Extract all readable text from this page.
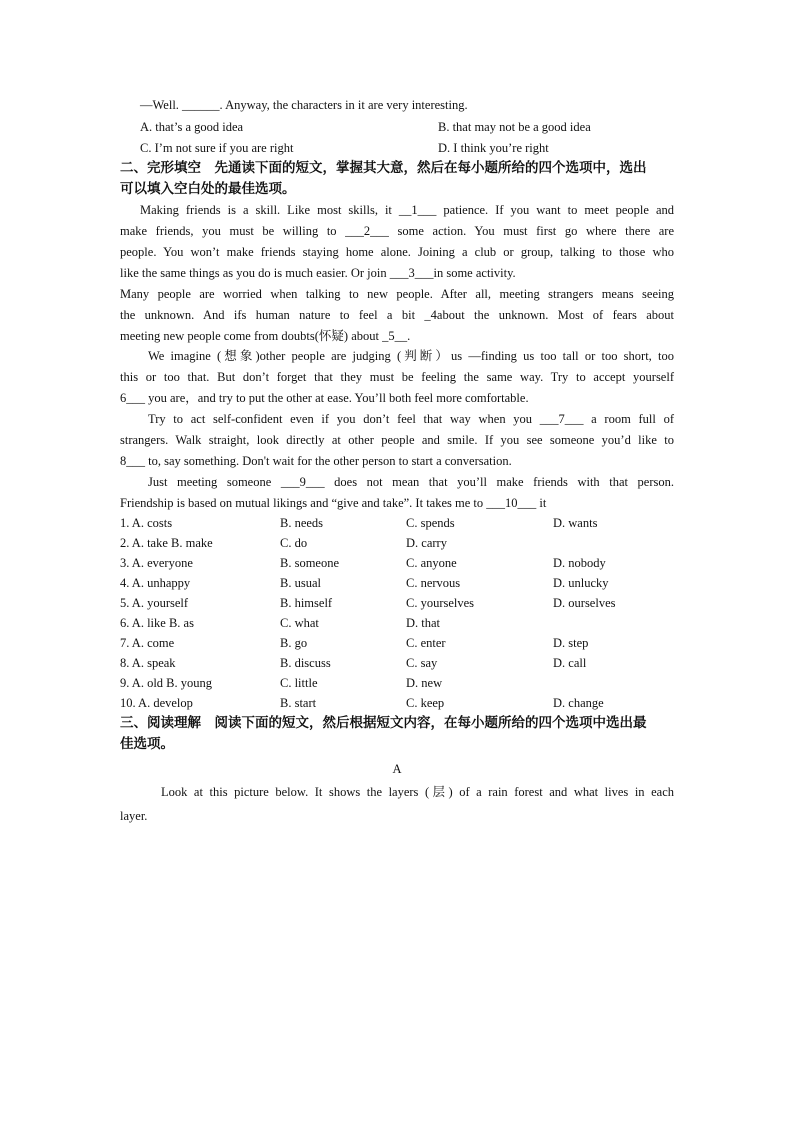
—Well. ______. Anyway, the characters in it are very interesting.
A. that’s a good idea	B. that may not be a good idea
C. I’m not sure if you are right	D. I think you’re right
二、完形填空　先通读下面的短文，掌握其大意，然后在每小题所给的四个选项中，选出
可以填入空白处的最佳选项。
Making friends is a skill. Like most skills, it __1___ patience. If you want to meet people and
make friends, you must be willing to ___2___ some action. You must first go where there are
people. You won’t make friends staying home alone. Joining a club or group, talking to those who
like the same things as you do is much easier. Or join ___3___in some activity.
Many people are worried when talking to new people. After all, meeting strangers means seeing
the unknown. And ifs human nature to feel a bit _4about the unknown. Most of fears about
meeting new people come from doubts(怀疑) about _5__.
We imagine (想象)other people are judging (判断）us —finding us too tall or too short, too
this or too that. But don’t forget that they must be feeling the same way. Try to accept yourself
6___ you are，and try to put the other at ease. You’ll both feel more comfortable.
Try to act self-confident even if you don’t feel that way when you ___7___ a room full of
strangers. Walk straight, look directly at other people and smile. If you see someone you’d like to
8___ to, say something. Don't wait for the other person to start a conversation.
Just meeting someone ___9___ does not mean that you’ll make friends with that person.
Friendship is based on mutual likings and “give and take”. It takes me to ___10___ it
1. A. costs	B. needs	C. spends	D. wants
2. A. take B. make	C. do	D. carry
3. A. everyone	B. someone	C. anyone	D. nobody
4. A. unhappy	B. usual	C. nervous	D. unlucky
5. A. yourself	B. himself	C. yourselves	D. ourselves
6. A. like B. as	C. what	D. that
7. A. come	B. go	C. enter	D. step
8. A. speak	B. discuss	C. say	D. call
9. A. old B. young	C. little	D. new
10. A. develop	B. start	C. keep	D. change
三、阅读理解　阅读下面的短文，然后根据短文内容，在每小题所给的四个选项中选出最
佳选项。
A
Look at this picture below. It shows the layers (层) of a rain forest and what lives in each
layer.
